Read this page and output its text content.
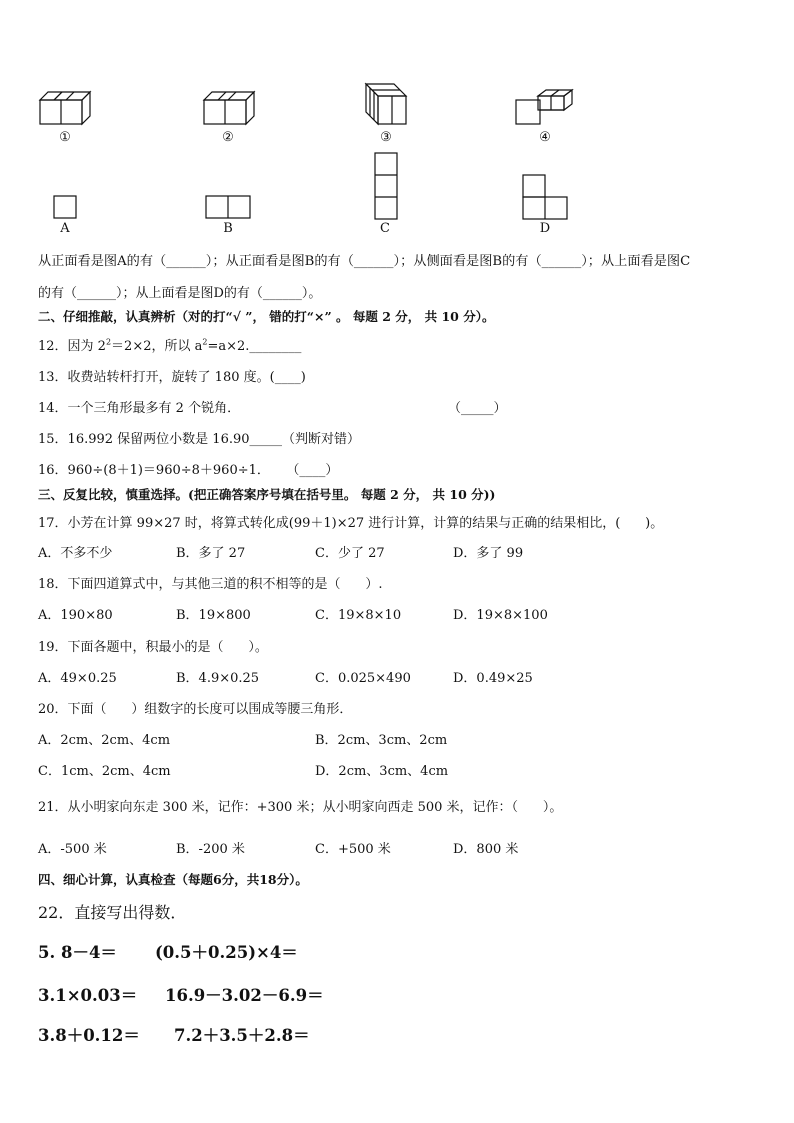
①	②	③	④
A	B	C	D
从正面看是图A的有（______）；从正面看是图B的有（______）；从侧面看是图B的有（______）；从上面看是图C
的有（______）；从上面看是图D的有（______）。
二、仔细推敲，认真辨析（对的打“√ ”， 错的打“×” 。 每题 2 分， 共 10 分）。
12．因为 $2^2=2\times 2$，所以 $a^2=a\times 2.\_\_\_\_\_\_\_\_$
13．收费站转杆打开，旋转了 180 度。(____)
14．一个三角形最多有 2 个锐角．	（_____）
15．16.992 保留两位小数是 16.90_____（判断对错）
16．960÷(8＋1)＝960÷8＋960÷1．    （____）
三、反复比较，慎重选择。(把正确答案序号填在括号里。 每题 2 分， 共 10 分))
17．小芳在计算 99×27 时，将算式转化成(99＋1)×27 进行计算，计算的结果与正确的结果相比，(      )。
A．不多不少	B．多了 27	C．少了 27	D．多了 99
18．下面四道算式中，与其他三道的积不相等的是（      ）.
A．190×80	B．19×800	C．19×8×10	D．19×8×100
19．下面各题中，积最小的是（      ）。
A．49×0.25	B．4.9×0.25	C．0.025×490	D．0.49×25
20．下面（      ）组数字的长度可以围成等腰三角形．
A．2cm、2cm、4cm	B．2cm、3cm、2cm
C．1cm、2cm、4cm	D．2cm、3cm、4cm
21．从小明家向东走 300 米，记作：+300 米；从小明家向西走 500 米，记作：（      ）。
A．-500 米	B．-200 米	C．+500 米	D．800 米
四、细心计算，认真检查（每题6分，共18分）。
22．直接写出得数．
5. 8－4＝ (0.5＋0.25)×4＝
3.1×0.03＝ 16.9－3.02－6.9＝
3.8＋0.12＝ 7.2＋3.5＋2.8＝
